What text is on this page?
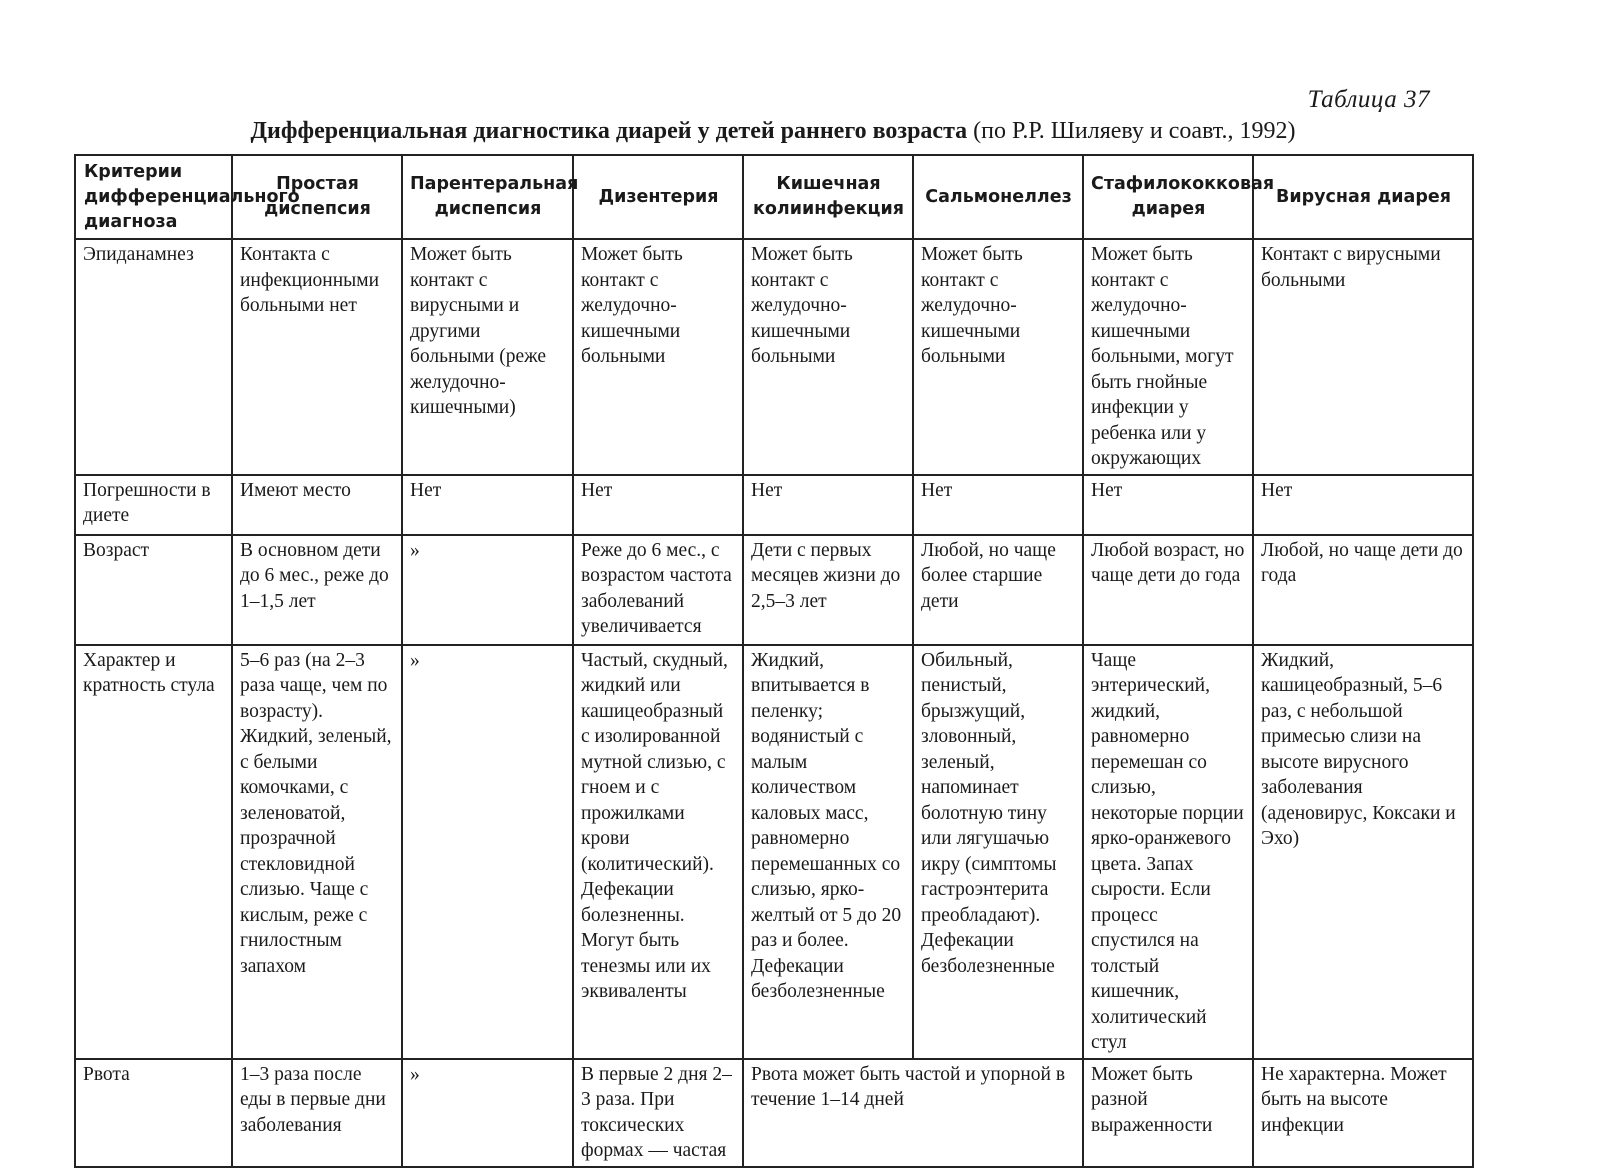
Таблица 37
Дифференциальная диагностика диарей у детей раннего возраста (по Р.Р. Шиляеву и соавт., 1992)
Критерии дифференциального диагноза	Простая диспепсия	Парентеральная диспепсия	Дизентерия	Кишечная колиинфекция	Сальмонеллез	Стафилококковая диарея	Вирусная диарея
Эпиданамнез	Контакта с инфекционными больными нет	Может быть контакт с вирусными и другими больными (реже желудочно-кишечными)	Может быть контакт с желудочно-кишечными больными	Может быть контакт с желудочно-кишечными больными	Может быть контакт с желудочно-кишечными больными	Может быть контакт с желудочно-кишечными больными, могут быть гнойные инфекции у ребенка или у окружающих	Контакт с вирусными больными
Погрешности в диете	Имеют место	Нет	Нет	Нет	Нет	Нет	Нет
Возраст	В основном дети до 6 мес., реже до 1–1,5 лет	»	Реже до 6 мес., с возрастом частота заболеваний увеличивается	Дети с первых месяцев жизни до 2,5–3 лет	Любой, но чаще более старшие дети	Любой возраст, но чаще дети до года	Любой, но чаще дети до года
Характер и кратность стула	5–6 раз (на 2–3 раза чаще, чем по возрасту). Жидкий, зеленый, с белыми комочками, с зеленоватой, прозрачной стекловидной слизью. Чаще с кислым, реже с гнилостным запахом	»	Частый, скудный, жидкий или кашицеобразный с изолированной мутной слизью, с гноем и с прожилками крови (колитический). Дефекации болезненны. Могут быть тенезмы или их эквиваленты	Жидкий, впитывается в пеленку; водянистый с малым количеством каловых масс, равномерно перемешанных со слизью, ярко-желтый от 5 до 20 раз и более. Дефекации безболезненные	Обильный, пенистый, брызжущий, зловонный, зеленый, напоминает болотную тину или лягушачью икру (симптомы гастроэнтерита преобладают). Дефекации безболезненные	Чаще энтерический, жидкий, равномерно перемешан со слизью, некоторые порции ярко-оранжевого цвета. Запах сырости. Если процесс спустился на толстый кишечник, холитический стул	Жидкий, кашицеобразный, 5–6 раз, с небольшой примесью слизи на высоте вирусного заболевания (аденовирус, Коксаки и Эхо)
Рвота	1–3 раза после еды в первые дни заболевания	»	В первые 2 дня 2–3 раза. При токсических формах — частая	Рвота может быть частой и упорной в течение 1–14 дней		Может быть разной выраженности	Не характерна. Может быть на высоте инфекции
